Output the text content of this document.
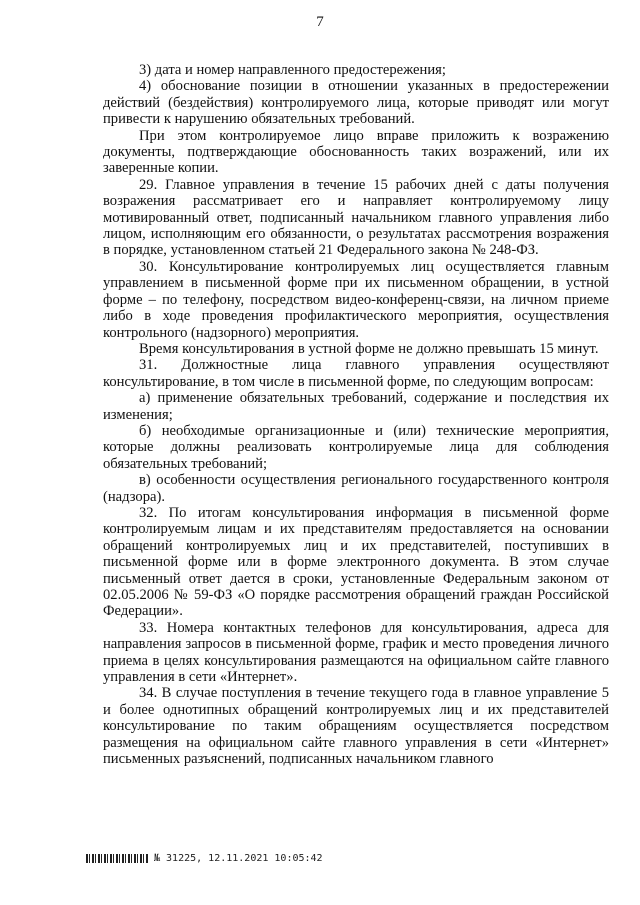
7

3) дата и номер направленного предостережения;

4) обоснование позиции в отношении указанных в предостережении действий (бездействия) контролируемого лица, которые приводят или могут привести к нарушению обязательных требований.

При этом контролируемое лицо вправе приложить к возражению документы, подтверждающие обоснованность таких возражений, или их заверенные копии.

29. Главное управления в течение 15 рабочих дней с даты получения возражения рассматривает его и направляет контролируемому лицу мотивированный ответ, подписанный начальником главного управления либо лицом, исполняющим его обязанности, о результатах рассмотрения возражения в порядке, установленном статьей 21 Федерального закона № 248-ФЗ.

30. Консультирование контролируемых лиц осуществляется главным управлением в письменной форме при их письменном обращении, в устной форме – по телефону, посредством видео-конференц-связи, на личном приеме либо в ходе проведения профилактического мероприятия, осуществления контрольного (надзорного) мероприятия.

Время консультирования в устной форме не должно превышать 15 минут.

31. Должностные лица главного управления осуществляют консультирование, в том числе в письменной форме, по следующим вопросам:

а) применение обязательных требований, содержание и последствия их изменения;

б) необходимые организационные и (или) технические мероприятия, которые должны реализовать контролируемые лица для соблюдения обязательных требований;

в) особенности осуществления регионального государственного контроля (надзора).

32. По итогам консультирования информация в письменной форме контролируемым лицам и их представителям предоставляется на основании обращений контролируемых лиц и их представителей, поступивших в письменной форме или в форме электронного документа. В этом случае письменный ответ дается в сроки, установленные Федеральным законом от 02.05.2006 № 59-ФЗ «О порядке рассмотрения обращений граждан Российской Федерации».

33. Номера контактных телефонов для консультирования, адреса для направления запросов в письменной форме, график и место проведения личного приема в целях консультирования размещаются на официальном сайте главного управления в сети «Интернет».

34. В случае поступления в течение текущего года в главное управление 5 и более однотипных обращений контролируемых лиц и их представителей консультирование по таким обращениям осуществляется посредством размещения на официальном сайте главного управления в сети «Интернет» письменных разъяснений, подписанных начальником главного

№ 31225, 12.11.2021 10:05:42
